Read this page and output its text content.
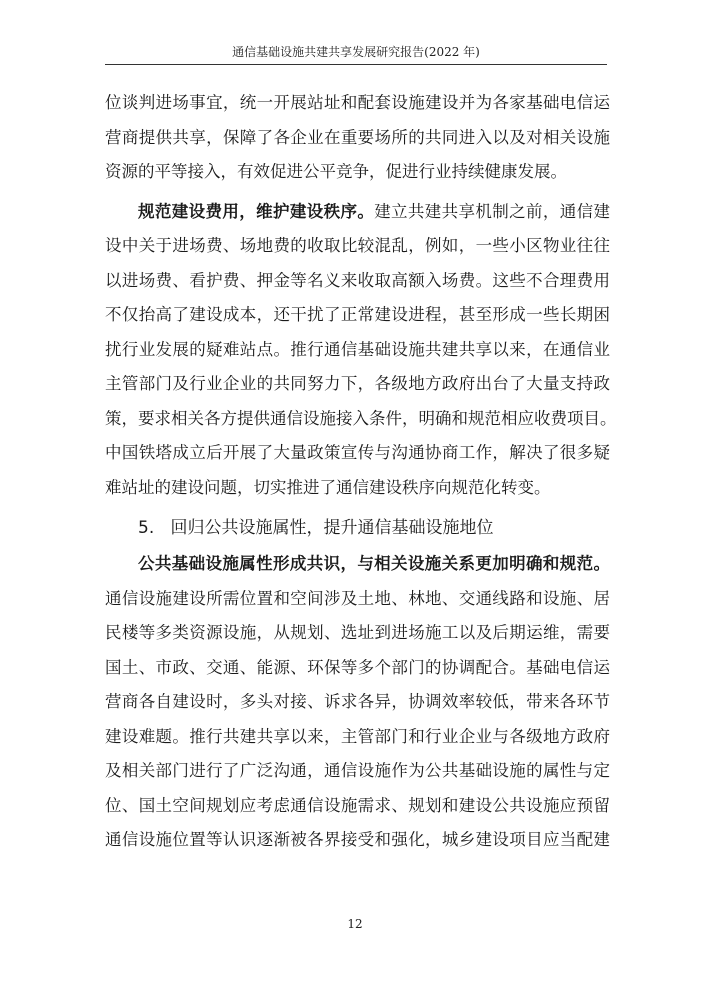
通信基础设施共建共享发展研究报告(2022 年)
位谈判进场事宜，统一开展站址和配套设施建设并为各家基础电信运
营商提供共享，保障了各企业在重要场所的共同进入以及对相关设施
资源的平等接入，有效促进公平竞争，促进行业持续健康发展。
规范建设费用，维护建设秩序。建立共建共享机制之前，通信建
设中关于进场费、场地费的收取比较混乱，例如，一些小区物业往往
以进场费、看护费、押金等名义来收取高额入场费。这些不合理费用
不仅抬高了建设成本，还干扰了正常建设进程，甚至形成一些长期困
扰行业发展的疑难站点。推行通信基础设施共建共享以来，在通信业
主管部门及行业企业的共同努力下，各级地方政府出台了大量支持政
策，要求相关各方提供通信设施接入条件，明确和规范相应收费项目。
中国铁塔成立后开展了大量政策宣传与沟通协商工作，解决了很多疑
难站址的建设问题，切实推进了通信建设秩序向规范化转变。
5. 回归公共设施属性，提升通信基础设施地位
公共基础设施属性形成共识，与相关设施关系更加明确和规范。
通信设施建设所需位置和空间涉及土地、林地、交通线路和设施、居
民楼等多类资源设施，从规划、选址到进场施工以及后期运维，需要
国土、市政、交通、能源、环保等多个部门的协调配合。基础电信运
营商各自建设时，多头对接、诉求各异，协调效率较低，带来各环节
建设难题。推行共建共享以来，主管部门和行业企业与各级地方政府
及相关部门进行了广泛沟通，通信设施作为公共基础设施的属性与定
位、国土空间规划应考虑通信设施需求、规划和建设公共设施应预留
通信设施位置等认识逐渐被各界接受和强化，城乡建设项目应当配建
12
